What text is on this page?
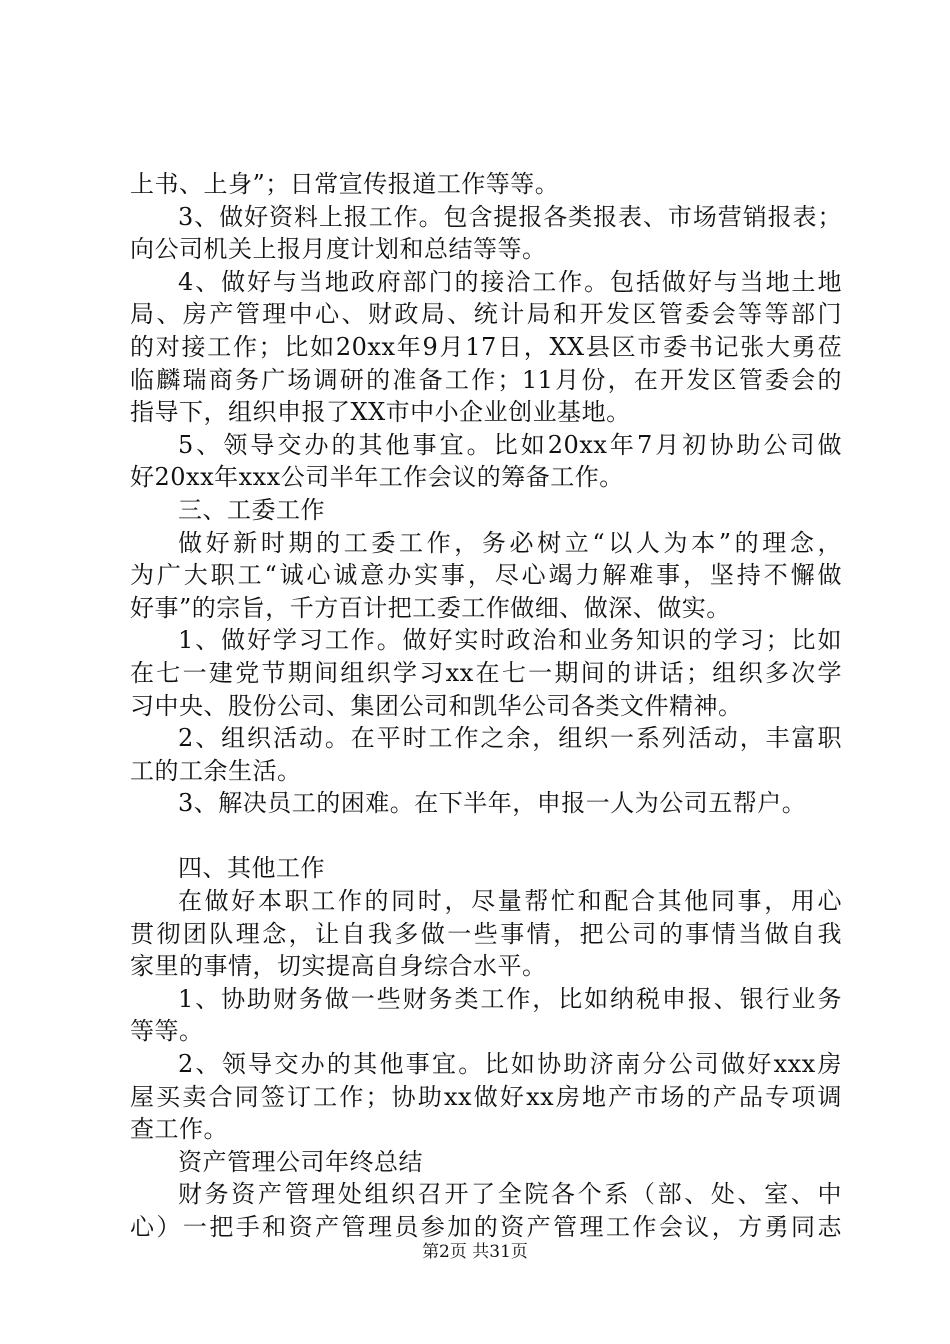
上书、上身”；日常宣传报道工作等等。
3、做好资料上报工作。包含提报各类报表、市场营销报表；
向公司机关上报月度计划和总结等等。
4、做好与当地政府部门的接洽工作。包括做好与当地土地
局、房产管理中心、财政局、统计局和开发区管委会等等部门
的对接工作；比如20xx年9月17日，XX县区市委书记张大勇莅
临麟瑞商务广场调研的准备工作；11月份，在开发区管委会的
指导下，组织申报了XX市中小企业创业基地。
5、领导交办的其他事宜。比如20xx年7月初协助公司做
好20xx年xxx公司半年工作会议的筹备工作。
三、工委工作
做好新时期的工委工作，务必树立“以人为本”的理念，
为广大职工“诚心诚意办实事，尽心竭力解难事，坚持不懈做
好事”的宗旨，千方百计把工委工作做细、做深、做实。
1、做好学习工作。做好实时政治和业务知识的学习；比如
在七一建党节期间组织学习xx在七一期间的讲话；组织多次学
习中央、股份公司、集团公司和凯华公司各类文件精神。
2、组织活动。在平时工作之余，组织一系列活动，丰富职
工的工余生活。
3、解决员工的困难。在下半年，申报一人为公司五帮户。
四、其他工作
在做好本职工作的同时，尽量帮忙和配合其他同事，用心
贯彻团队理念，让自我多做一些事情，把公司的事情当做自我
家里的事情，切实提高自身综合水平。
1、协助财务做一些财务类工作，比如纳税申报、银行业务
等等。
2、领导交办的其他事宜。比如协助济南分公司做好xxx房
屋买卖合同签订工作；协助xx做好xx房地产市场的产品专项调
查工作。
资产管理公司年终总结
财务资产管理处组织召开了全院各个系（部、处、室、中
心）一把手和资产管理员参加的资产管理工作会议，方勇同志
第2页 共31页
